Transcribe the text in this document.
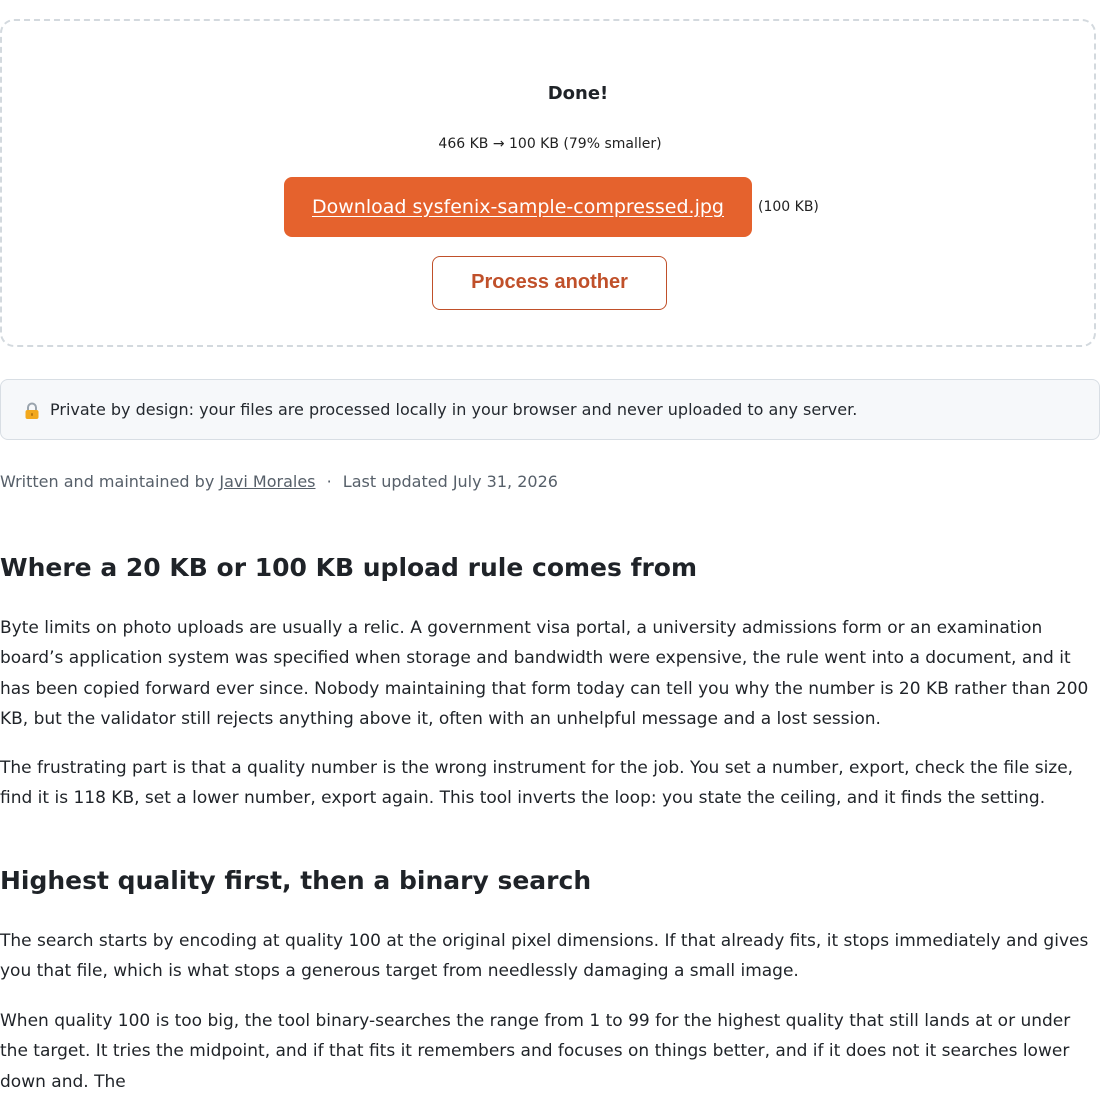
Done!
466 KB → 100 KB (79% smaller)
Download sysfenix-sample-compressed.jpg	(100 KB)
Process another
Private by design: your files are processed locally in your browser and never uploaded to any server.
Written and maintained by Javi Morales · Last updated July 31, 2026
Where a 20 KB or 100 KB upload rule comes from

Byte limits on photo uploads are usually a relic. A government visa portal, a university admissions form or an examination board’s application system was specified when storage and bandwidth were expensive, the rule went into a document, and it has been copied forward ever since. Nobody maintaining that form today can tell you why the number is 20 KB rather than 200 KB, but the validator still rejects anything above it, often with an unhelpful message and a lost session.

The frustrating part is that a quality number is the wrong instrument for the job. You set a number, export, check the file size, find it is 118 KB, set a lower number, export again. This tool inverts the loop: you state the ceiling, and it finds the setting.

Highest quality first, then a binary search

The search starts by encoding at quality 100 at the original pixel dimensions. If that already fits, it stops immediately and gives you that file, which is what stops a generous target from needlessly damaging a small image.

When quality 100 is too big, the tool binary-searches the range from 1 to 99 for the highest quality that still lands at or under the target. It tries the midpoint, and if that fits it remembers and focuses on things better, and if it does not it searches lower down and. The
